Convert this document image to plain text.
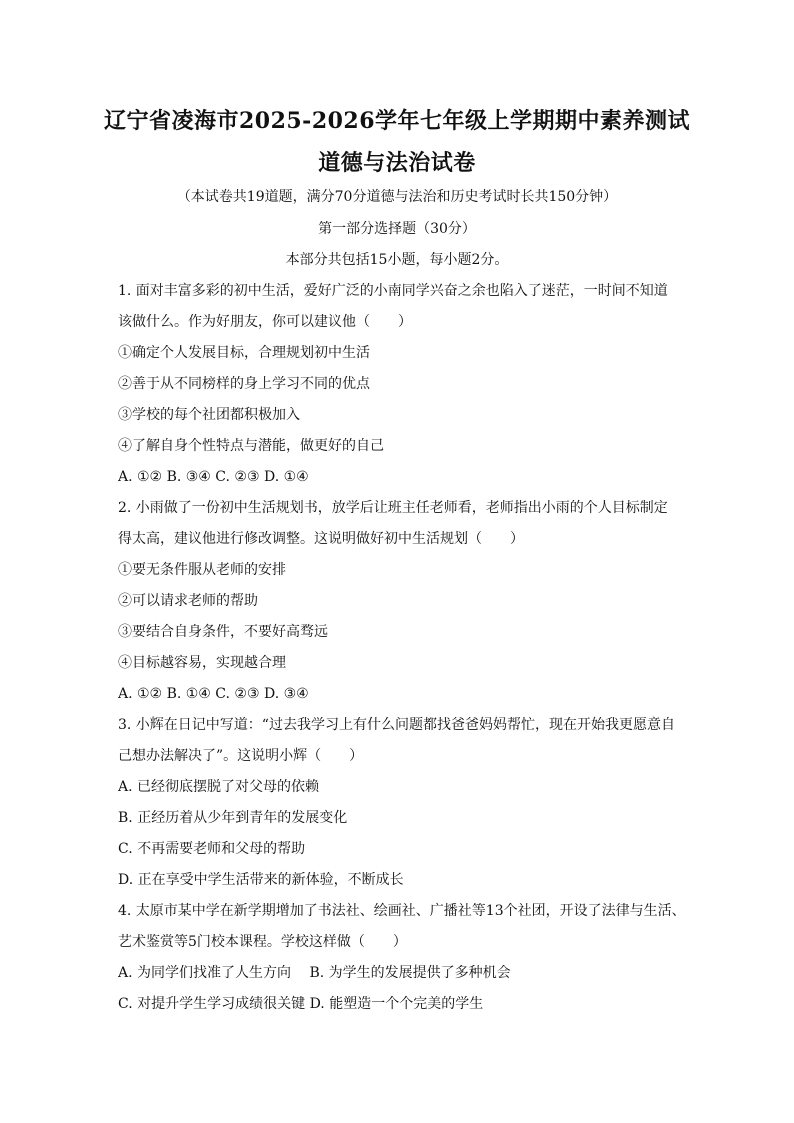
辽宁省凌海市2025-2026学年七年级上学期期中素养测试
道德与法治试卷
（本试卷共19道题，满分70分道德与法治和历史考试时长共150分钟）
第一部分选择题（30分）
本部分共包括15小题，每小题2分。
1. 面对丰富多彩的初中生活，爱好广泛的小南同学兴奋之余也陷入了迷茫，一时间不知道
该做什么。作为好朋友，你可以建议他（　　）
①确定个人发展目标，合理规划初中生活
②善于从不同榜样的身上学习不同的优点
③学校的每个社团都积极加入
④了解自身个性特点与潜能，做更好的自己
A. ①② B. ③④ C. ②③ D. ①④
2. 小雨做了一份初中生活规划书，放学后让班主任老师看，老师指出小雨的个人目标制定
得太高，建议他进行修改调整。这说明做好初中生活规划（　　）
①要无条件服从老师的安排
②可以请求老师的帮助
③要结合自身条件，不要好高骛远
④目标越容易，实现越合理
A. ①② B. ①④ C. ②③ D. ③④
3. 小辉在日记中写道：“过去我学习上有什么问题都找爸爸妈妈帮忙，现在开始我更愿意自
己想办法解决了”。这说明小辉（　　）
A. 已经彻底摆脱了对父母的依赖
B. 正经历着从少年到青年的发展变化
C. 不再需要老师和父母的帮助
D. 正在享受中学生活带来的新体验，不断成长
4. 太原市某中学在新学期增加了书法社、绘画社、广播社等13个社团，开设了法律与生活、
艺术鉴赏等5门校本课程。学校这样做（　　）
A. 为同学们找准了人生方向　 B. 为学生的发展提供了多种机会
C. 对提升学生学习成绩很关键 D. 能塑造一个个完美的学生
